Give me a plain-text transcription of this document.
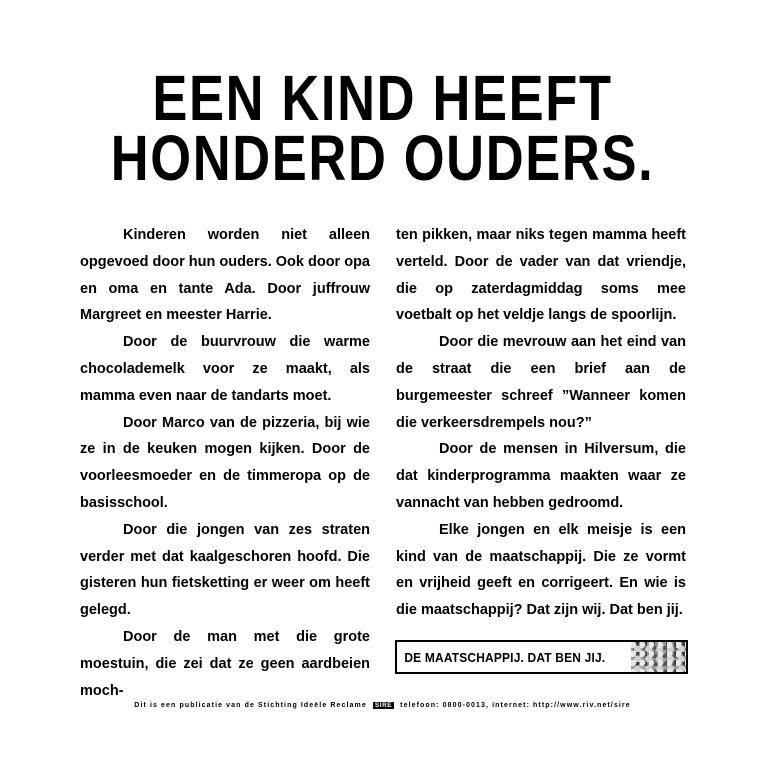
EEN KIND HEEFT
HONDERD OUDERS.

Kinderen worden niet alleen opgevoed door hun ouders. Ook door opa en oma en tante Ada. Door juffrouw Margreet en meester Harrie.

Door de buurvrouw die warme chocolademelk voor ze maakt, als mamma even naar de tandarts moet.

Door Marco van de pizzeria, bij wie ze in de keuken mogen kijken. Door de voorleesmoeder en de timmeropa op de basisschool.

Door die jongen van zes straten verder met dat kaalgeschoren hoofd. Die gisteren hun fietsketting er weer om heeft gelegd.

Door de man met die grote moestuin, die zei dat ze geen aardbeien moch-

ten pikken, maar niks tegen mamma heeft verteld. Door de vader van dat vriendje, die op zaterdagmiddag soms mee voetbalt op het veldje langs de spoorlijn.

Door die mevrouw aan het eind van de straat die een brief aan de burgemeester schreef ”Wanneer komen die verkeersdrempels nou?”

Door de mensen in Hilversum, die dat kinderprogramma maakten waar ze vannacht van hebben gedroomd.

Elke jongen en elk meisje is een kind van de maatschappij. Die ze vormt en vrijheid geeft en corrigeert. En wie is die maatschappij? Dat zijn wij. Dat ben jij.

DE MAATSCHAPPIJ. DAT BEN JIJ.
Dit is een publicatie van de Stichting Ideële Reclame SIRE telefoon: 0800-0013, internet: http://www.riv.net/sire
